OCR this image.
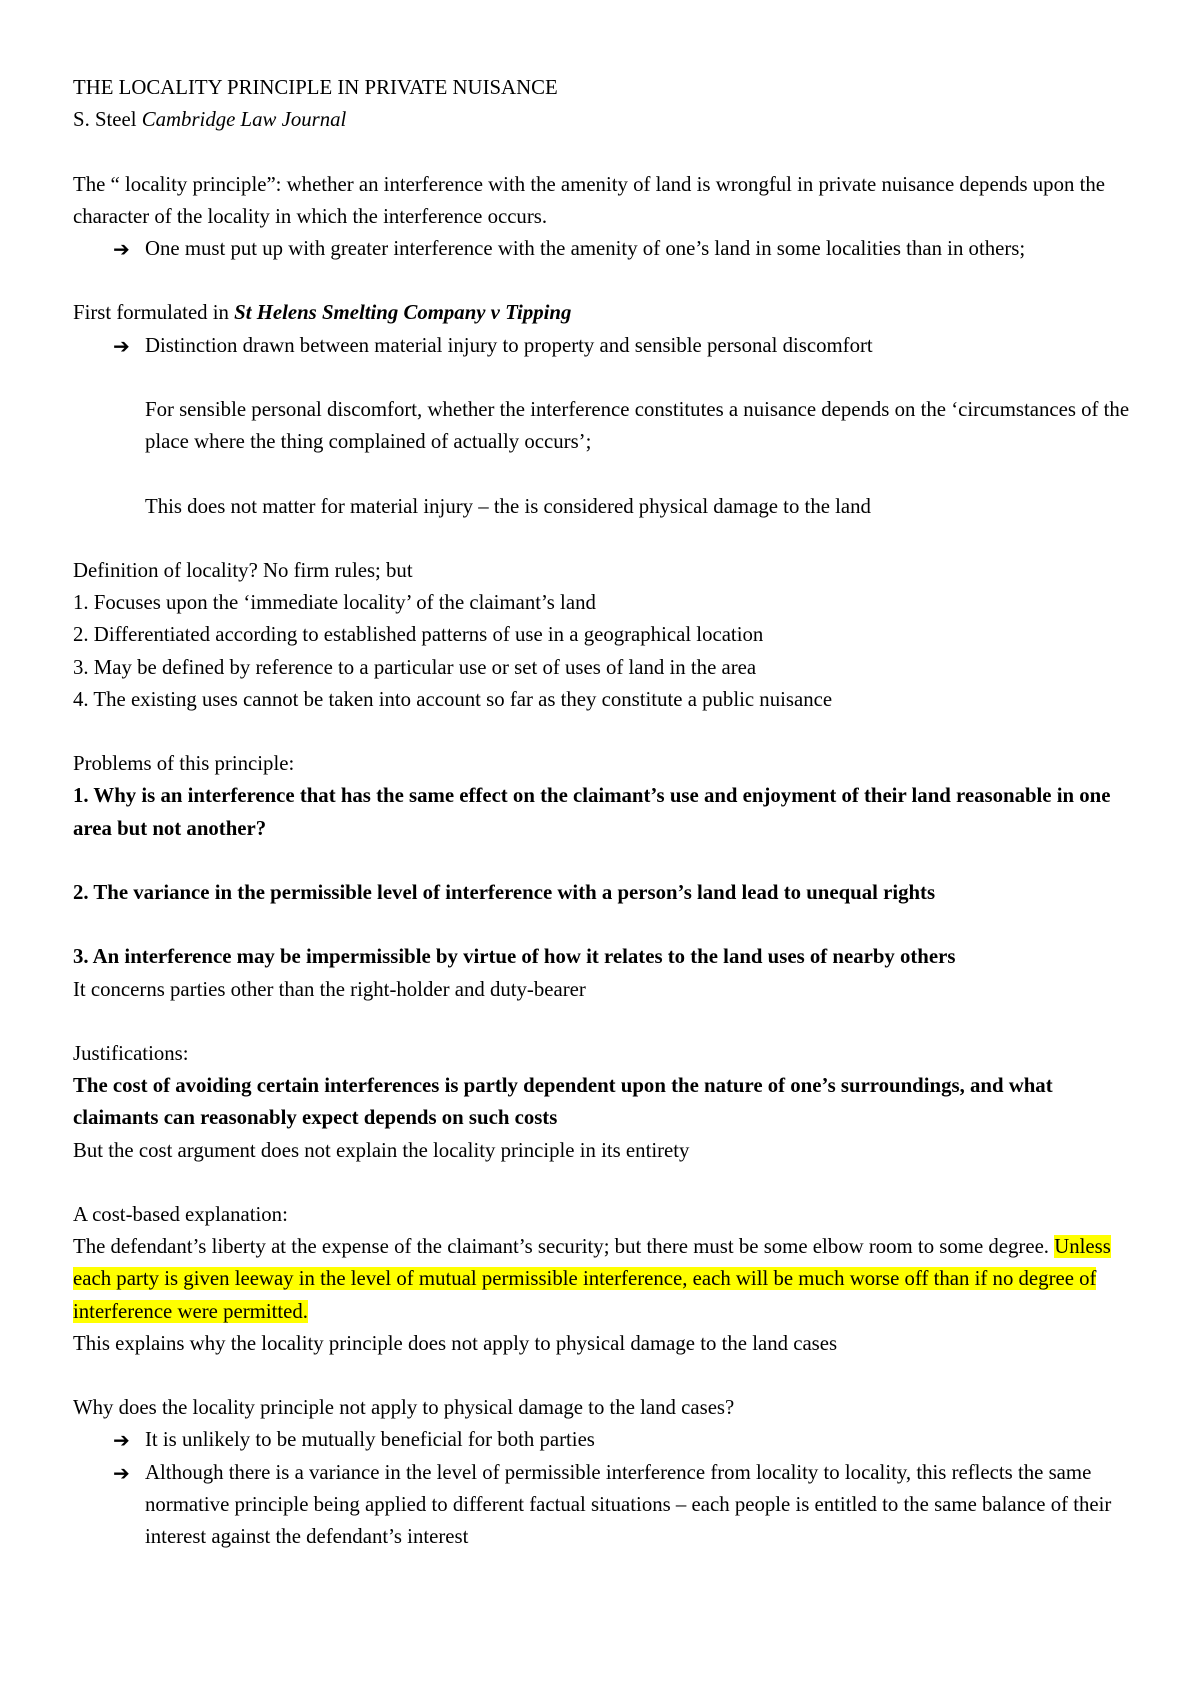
THE LOCALITY PRINCIPLE IN PRIVATE NUISANCE
S. Steel Cambridge Law Journal
The “ locality principle”: whether an interference with the amenity of land is wrongful in private nuisance depends upon the character of the locality in which the interference occurs.
➔ One must put up with greater interference with the amenity of one’s land in some localities than in others;
First formulated in St Helens Smelting Company v Tipping
➔ Distinction drawn between material injury to property and sensible personal discomfort
For sensible personal discomfort, whether the interference constitutes a nuisance depends on the ‘circumstances of the place where the thing complained of actually occurs’;
This does not matter for material injury – the is considered physical damage to the land
Definition of locality? No firm rules; but
1. Focuses upon the ‘immediate locality’ of the claimant’s land
2. Differentiated according to established patterns of use in a geographical location
3. May be defined by reference to a particular use or set of uses of land in the area
4. The existing uses cannot be taken into account so far as they constitute a public nuisance
Problems of this principle:
1. Why is an interference that has the same effect on the claimant’s use and enjoyment of their land reasonable in one area but not another?
2. The variance in the permissible level of interference with a person’s land lead to unequal rights
3. An interference may be impermissible by virtue of how it relates to the land uses of nearby others
It concerns parties other than the right-holder and duty-bearer
Justifications:
The cost of avoiding certain interferences is partly dependent upon the nature of one’s surroundings, and what claimants can reasonably expect depends on such costs
But the cost argument does not explain the locality principle in its entirety
A cost-based explanation:
The defendant’s liberty at the expense of the claimant’s security; but there must be some elbow room to some degree. Unless each party is given leeway in the level of mutual permissible interference, each will be much worse off than if no degree of interference were permitted.
This explains why the locality principle does not apply to physical damage to the land cases
Why does the locality principle not apply to physical damage to the land cases?
➔ It is unlikely to be mutually beneficial for both parties
➔ Although there is a variance in the level of permissible interference from locality to locality, this reflects the same normative principle being applied to different factual situations – each people is entitled to the same balance of their interest against the defendant’s interest
